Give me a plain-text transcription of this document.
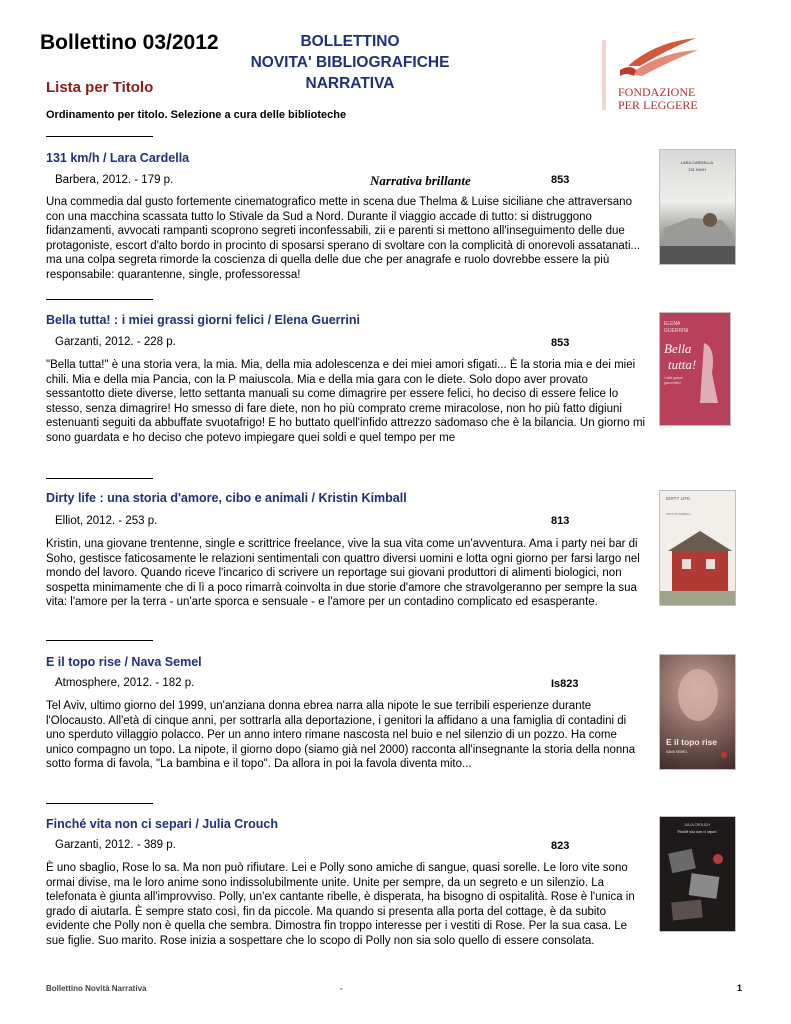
Bollettino 03/2012	BOLLETTINO
NOVITA' BIBLIOGRAFICHE
NARRATIVA
Lista per Titolo
Ordinamento per titolo. Selezione a cura delle biblioteche
FONDAZIONE
PER LEGGERE
131 km/h / Lara Cardella
Barbera, 2012. - 179 p.	Narrativa brillante	853

Una commedia dal gusto fortemente cinematografico mette in scena due Thelma & Luise siciliane che attraversano con una macchina scassata tutto lo Stivale da Sud a Nord. Durante il viaggio accade di tutto: si distruggono fidanzamenti, avvocati rampanti scoprono segreti inconfessabili, zii e parenti si mettono all'inseguimento delle due protagoniste, escort d'alto bordo in procinto di sposarsi sperano di svoltare con la complicità di onorevoli assatanati... ma una colpa segreta rimorde la coscienza di quella delle due che per anagrafe e ruolo dovrebbe essere la più responsabile: quarantenne, single, professoressa!

LARA CARDELLA
131 KM/H
Bella tutta! : i miei grassi giorni felici / Elena Guerrini
Garzanti, 2012. - 228 p.	853

"Bella tutta!" è una storia vera, la mia. Mia, della mia adolescenza e dei miei amori sfigati... È la storia mia e dei miei chili. Mia e della mia Pancia, con la P maiuscola. Mia e della mia gara con le diete. Solo dopo aver provato sessantotto diete diverse, letto settanta manuali su come dimagrire per essere felici, ho deciso di essere felice lo stesso, senza dimagrire! Ho smesso di fare diete, non ho più comprato creme miracolose, non ho più fatto digiuni estenuanti seguiti da abbuffate svuotafrigo! E ho buttato quell'infido attrezzo sadomaso che è la bilancia. Un giorno mi sono guardata e ho deciso che potevo impiegare quei soldi e quel tempo per me

ELENA
GUERRINI
Bella
tutta!
i miei grassi
giorni felici
Dirty life : una storia d'amore, cibo e animali / Kristin Kimball
Elliot, 2012. - 253 p.	813

Kristin, una giovane trentenne, single e scrittrice freelance, vive la sua vita come un'avventura. Ama i party nei bar di Soho, gestisce faticosamente le relazioni sentimentali con quattro diversi uomini e lotta ogni giorno per farsi largo nel mondo del lavoro. Quando riceve l'incarico di scrivere un reportage sui giovani produttori di alimenti biologici, non sospetta minimamente che di lì a poco rimarrà coinvolta in due storie d'amore che stravolgeranno per sempre la sua vita: l'amore per la terra - un'arte sporca e sensuale - e l'amore per un contadino complicato ed esasperante.

DIRTY LIFE
KRISTIN KIMBALL
E il topo rise / Nava Semel
Atmosphere, 2012. - 182 p.	Is823

Tel Aviv, ultimo giorno del 1999, un'anziana donna ebrea narra alla nipote le sue terribili esperienze durante l'Olocausto. All'età di cinque anni, per sottrarla alla deportazione, i genitori la affidano a una famiglia di contadini di uno sperduto villaggio polacco. Per un anno intero rimane nascosta nel buio e nel silenzio di un pozzo. Ha come unico compagno un topo. La nipote, il giorno dopo (siamo già nel 2000) racconta all'insegnante la storia della nonna sotto forma di favola, "La bambina e il topo". Da allora in poi la favola diventa mito...

E il topo rise
NAVA SEMEL
Finché vita non ci separi / Julia Crouch
Garzanti, 2012. - 389 p.	823

È uno sbaglio, Rose lo sa. Ma non può rifiutare. Lei e Polly sono amiche di sangue, quasi sorelle. Le loro vite sono ormai divise, ma le loro anime sono indissolubilmente unite. Unite per sempre, da un segreto e un silenzio. La telefonata è giunta all'improvviso. Polly, un'ex cantante ribelle, è disperata, ha bisogno di ospitalità. Rose è l'unica in grado di aiutarla. È sempre stato così, fin da piccole. Ma quando si presenta alla porta del cottage, è da subito evidente che Polly non è quella che sembra. Dimostra fin troppo interesse per i vestiti di Rose. Per la sua casa. Le sue figlie. Suo marito. Rose inizia a sospettare che lo scopo di Polly non sia solo quello di essere consolata.

JULIA CROUCH
Finché vita non ci separi
Bollettino Novità Narrativa	-	1
